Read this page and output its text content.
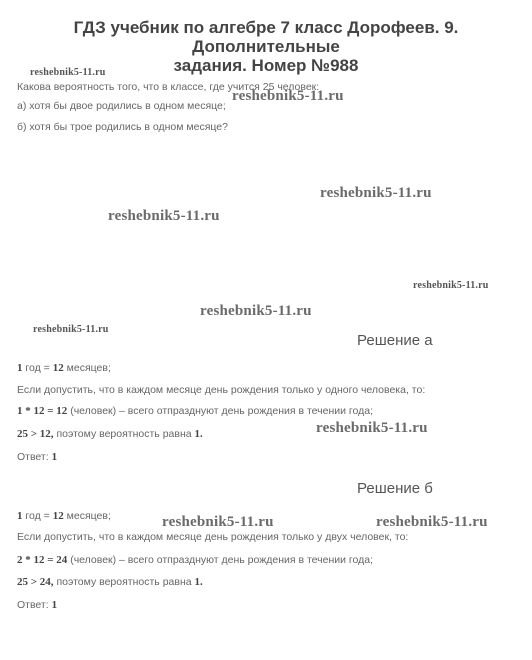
ГДЗ учебник по алгебре 7 класс Дорофеев. 9. Дополнительные
задания. Номер №988
Какова вероятность того, что в классе, где учится 25 человек:
а) хотя бы двое родились в одном месяце;
б) хотя бы трое родились в одном месяце?
Решение а
1 год = 12 месяцев;
Если допустить, что в каждом месяце день рождения только у одного человека, то:
1 * 12 = 12 (человек) – всего отпразднуют день рождения в течении года;
25 > 12, поэтому вероятность равна 1.
Ответ: 1
Решение б
1 год = 12 месяцев;
Если допустить, что в каждом месяце день рождения только у двух человек, то:
2 * 12 = 24 (человек) – всего отпразднуют день рождения в течении года;
25 > 24, поэтому вероятность равна 1.
Ответ: 1
reshebnik5-11.ru
reshebnik5-11.ru
reshebnik5-11.ru
reshebnik5-11.ru
reshebnik5-11.ru
reshebnik5-11.ru
reshebnik5-11.ru
reshebnik5-11.ru
reshebnik5-11.ru	reshebnik5-11.ru
